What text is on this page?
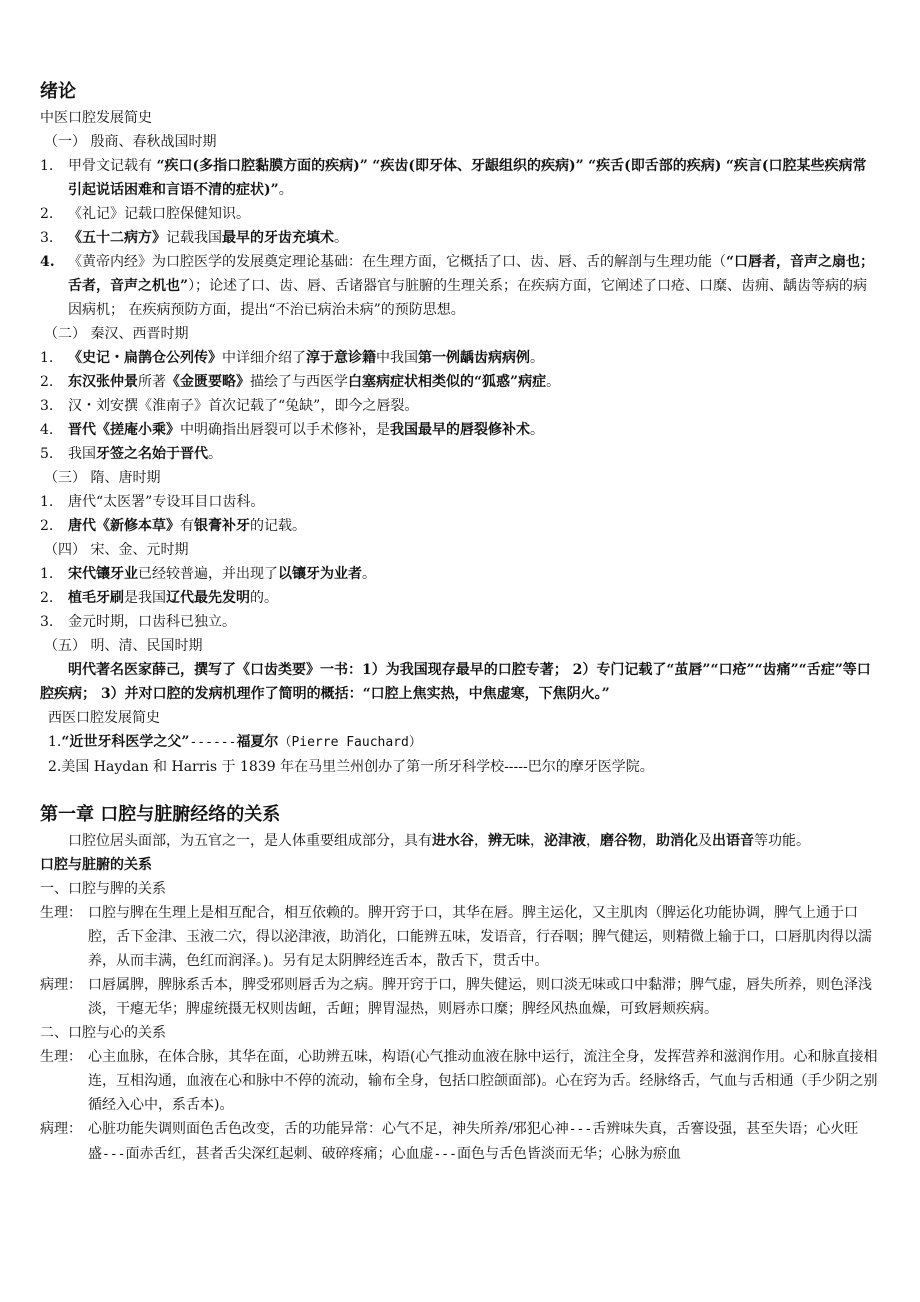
绪论
中医口腔发展简史
（一） 殷商、春秋战国时期
1. 甲骨文记载有 “疾口(多指口腔黏膜方面的疾病)” “疾齿(即牙体、牙龈组织的疾病)” “疾舌(即舌部的疾病) “疾言(口腔某些疾病常引起说话困难和言语不清的症状)”。
2. 《礼记》记载口腔保健知识。
3. 《五十二病方》记载我国最早的牙齿充填术。
4. 《黄帝内经》为口腔医学的发展奠定理论基础：在生理方面，它概括了口、齿、唇、舌的解剖与生理功能（“口唇者，音声之扇也；舌者，音声之机也”）；论述了口、齿、唇、舌诸器官与脏腑的生理关系；在疾病方面，它阐述了口疮、口糜、齿痈、龋齿等病的病因病机； 在疾病预防方面，提出“不治已病治未病”的预防思想。
（二） 秦汉、西晋时期
1. 《史记・扁鹊仓公列传》中详细介绍了淳于意诊籍中我国第一例龋齿病病例。
2. 东汉张仲景所著《金匮要略》描绘了与西医学白塞病症状相类似的“狐惑”病症。
3. 汉・刘安撰《淮南子》首次记载了“兔缺”，即今之唇裂。
4. 晋代《搓庵小乘》中明确指出唇裂可以手术修补，是我国最早的唇裂修补术。
5. 我国牙签之名始于晋代。
（三） 隋、唐时期
1. 唐代“太医署”专设耳目口齿科。
2. 唐代《新修本草》有银膏补牙的记载。
（四） 宋、金、元时期
1. 宋代镶牙业已经较普遍，并出现了以镶牙为业者。
2. 植毛牙刷是我国辽代最先发明的。
3. 金元时期，口齿科已独立。
（五） 明、清、民国时期
明代著名医家薛己，撰写了《口齿类要》一书：1）为我国现存最早的口腔专著； 2）专门记载了“茧唇”“口疮”“齿痛”“舌症”等口腔疾病； 3）并对口腔的发病机理作了简明的概括：“口腔上焦实热，中焦虚寒，下焦阴火。”
西医口腔发展简史
1.“近世牙科医学之父”------福夏尔（Pierre Fauchard）
2.美国 Haydan 和 Harris 于 1839 年在马里兰州创办了第一所牙科学校-----巴尔的摩牙医学院。
第一章 口腔与脏腑经络的关系
口腔位居头面部，为五官之一，是人体重要组成部分，具有进水谷，辨无味，泌津液，磨谷物，助消化及出语音等功能。
口腔与脏腑的关系
一、口腔与脾的关系
生理： 口腔与脾在生理上是相互配合，相互依赖的。脾开窍于口，其华在唇。脾主运化，又主肌肉（脾运化功能协调，脾气上通于口腔，舌下金津、玉液二穴，得以泌津液，助消化，口能辨五味，发语音，行吞咽；脾气健运，则精微上输于口，口唇肌肉得以濡养，从而丰满，色红而润泽。)。另有足太阴脾经连舌本，散舌下，贯舌中。
病理： 口唇属脾，脾脉系舌本，脾受邪则唇舌为之病。脾开窍于口，脾失健运，则口淡无味或口中黏滞；脾气虚，唇失所养，则色泽浅淡，干瘪无华；脾虚统摄无权则齿衄，舌衄；脾胃湿热，则唇赤口糜；脾经风热血燥，可致唇颊疾病。
二、口腔与心的关系
生理： 心主血脉，在体合脉，其华在面，心助辨五味，构语(心气推动血液在脉中运行，流注全身，发挥营养和滋润作用。心和脉直接相连，互相沟通，血液在心和脉中不停的流动，输布全身，包括口腔颌面部)。心在窍为舌。经脉络舌，气血与舌相通（手少阴之别循经入心中，系舌本)。
病理： 心脏功能失调则面色舌色改变，舌的功能异常：心气不足，神失所养/邪犯心神---舌辨味失真，舌謇设强，甚至失语；心火旺盛---面赤舌红，甚者舌尖深红起刺、破碎疼痛；心血虚---面色与舌色皆淡而无华；心脉为瘀血
